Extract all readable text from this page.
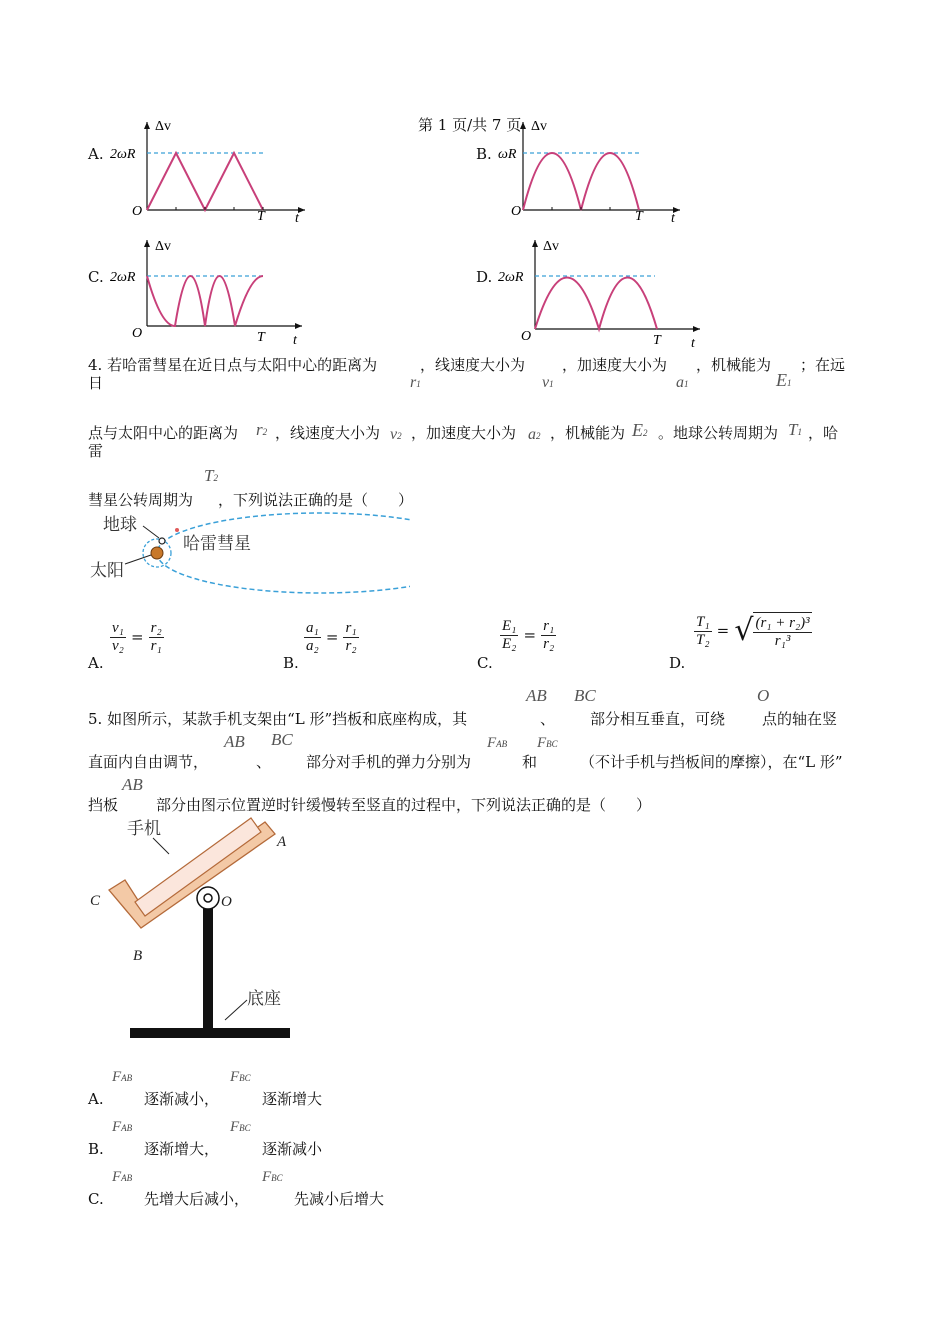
第 1 页/共 7 页
A.
Δv
2ωR
O	T t
B.
Δv
ωR
O	T t
C.
Δv
2ωR
O	T t
D.
Δv
2ωR
O	T t
4. 若哈雷彗星在近日点与太阳中心的距离为	，线速度大小为 ，加速度大小为 ，机械能为 ；在远
日	r1	v1	a1	E1
点与太阳中心的距离为 r2 ，线速度大小为 v2 ，加速度大小为 a2 ，机械能为 E2 。地球公转周期为 T1 ，哈
雷
T2
彗星公转周期为 ，下列说法正确的是（　　）
地球
哈雷彗星
太阳
A.
$\frac{\text{v₁}}{\text{v₂}} = \frac{\text{r₂}}{\text{r₁}}$
B.
$\frac{\text{a₁}}{\text{a₂}} = \frac{\text{r₁}}{\text{r₂}}$
C.
$\frac{\text{E₁}}{\text{E₂}} = \frac{\text{r₁}}{\text{r₂}}$
D.
$\frac{\text{T₁}}{\text{T₂}}$ = √ $\frac{\text{(r₁ + r₂)³}}{\text{r₁³}}$
AB BC	O
5. 如图所示，某款手机支架由“L 形”挡板和底座构成，其	、 部分相互垂直，可绕 点的轴在竖
AB BC	FAB FBC
直面内自由调节，	、 部分对手机的弹力分别为	和	（不计手机与挡板间的摩擦），在“L 形”
AB
挡板	部分由图示位置逆时针缓慢转至竖直的过程中，下列说法正确的是（　　）
手机
A
C
B
O
底座
FAB	FBC
A.	逐渐减小，	逐渐增大
FAB	FBC
B.	逐渐增大，	逐渐减小
FAB	FBC
C.	先增大后减小，	先减小后增大
